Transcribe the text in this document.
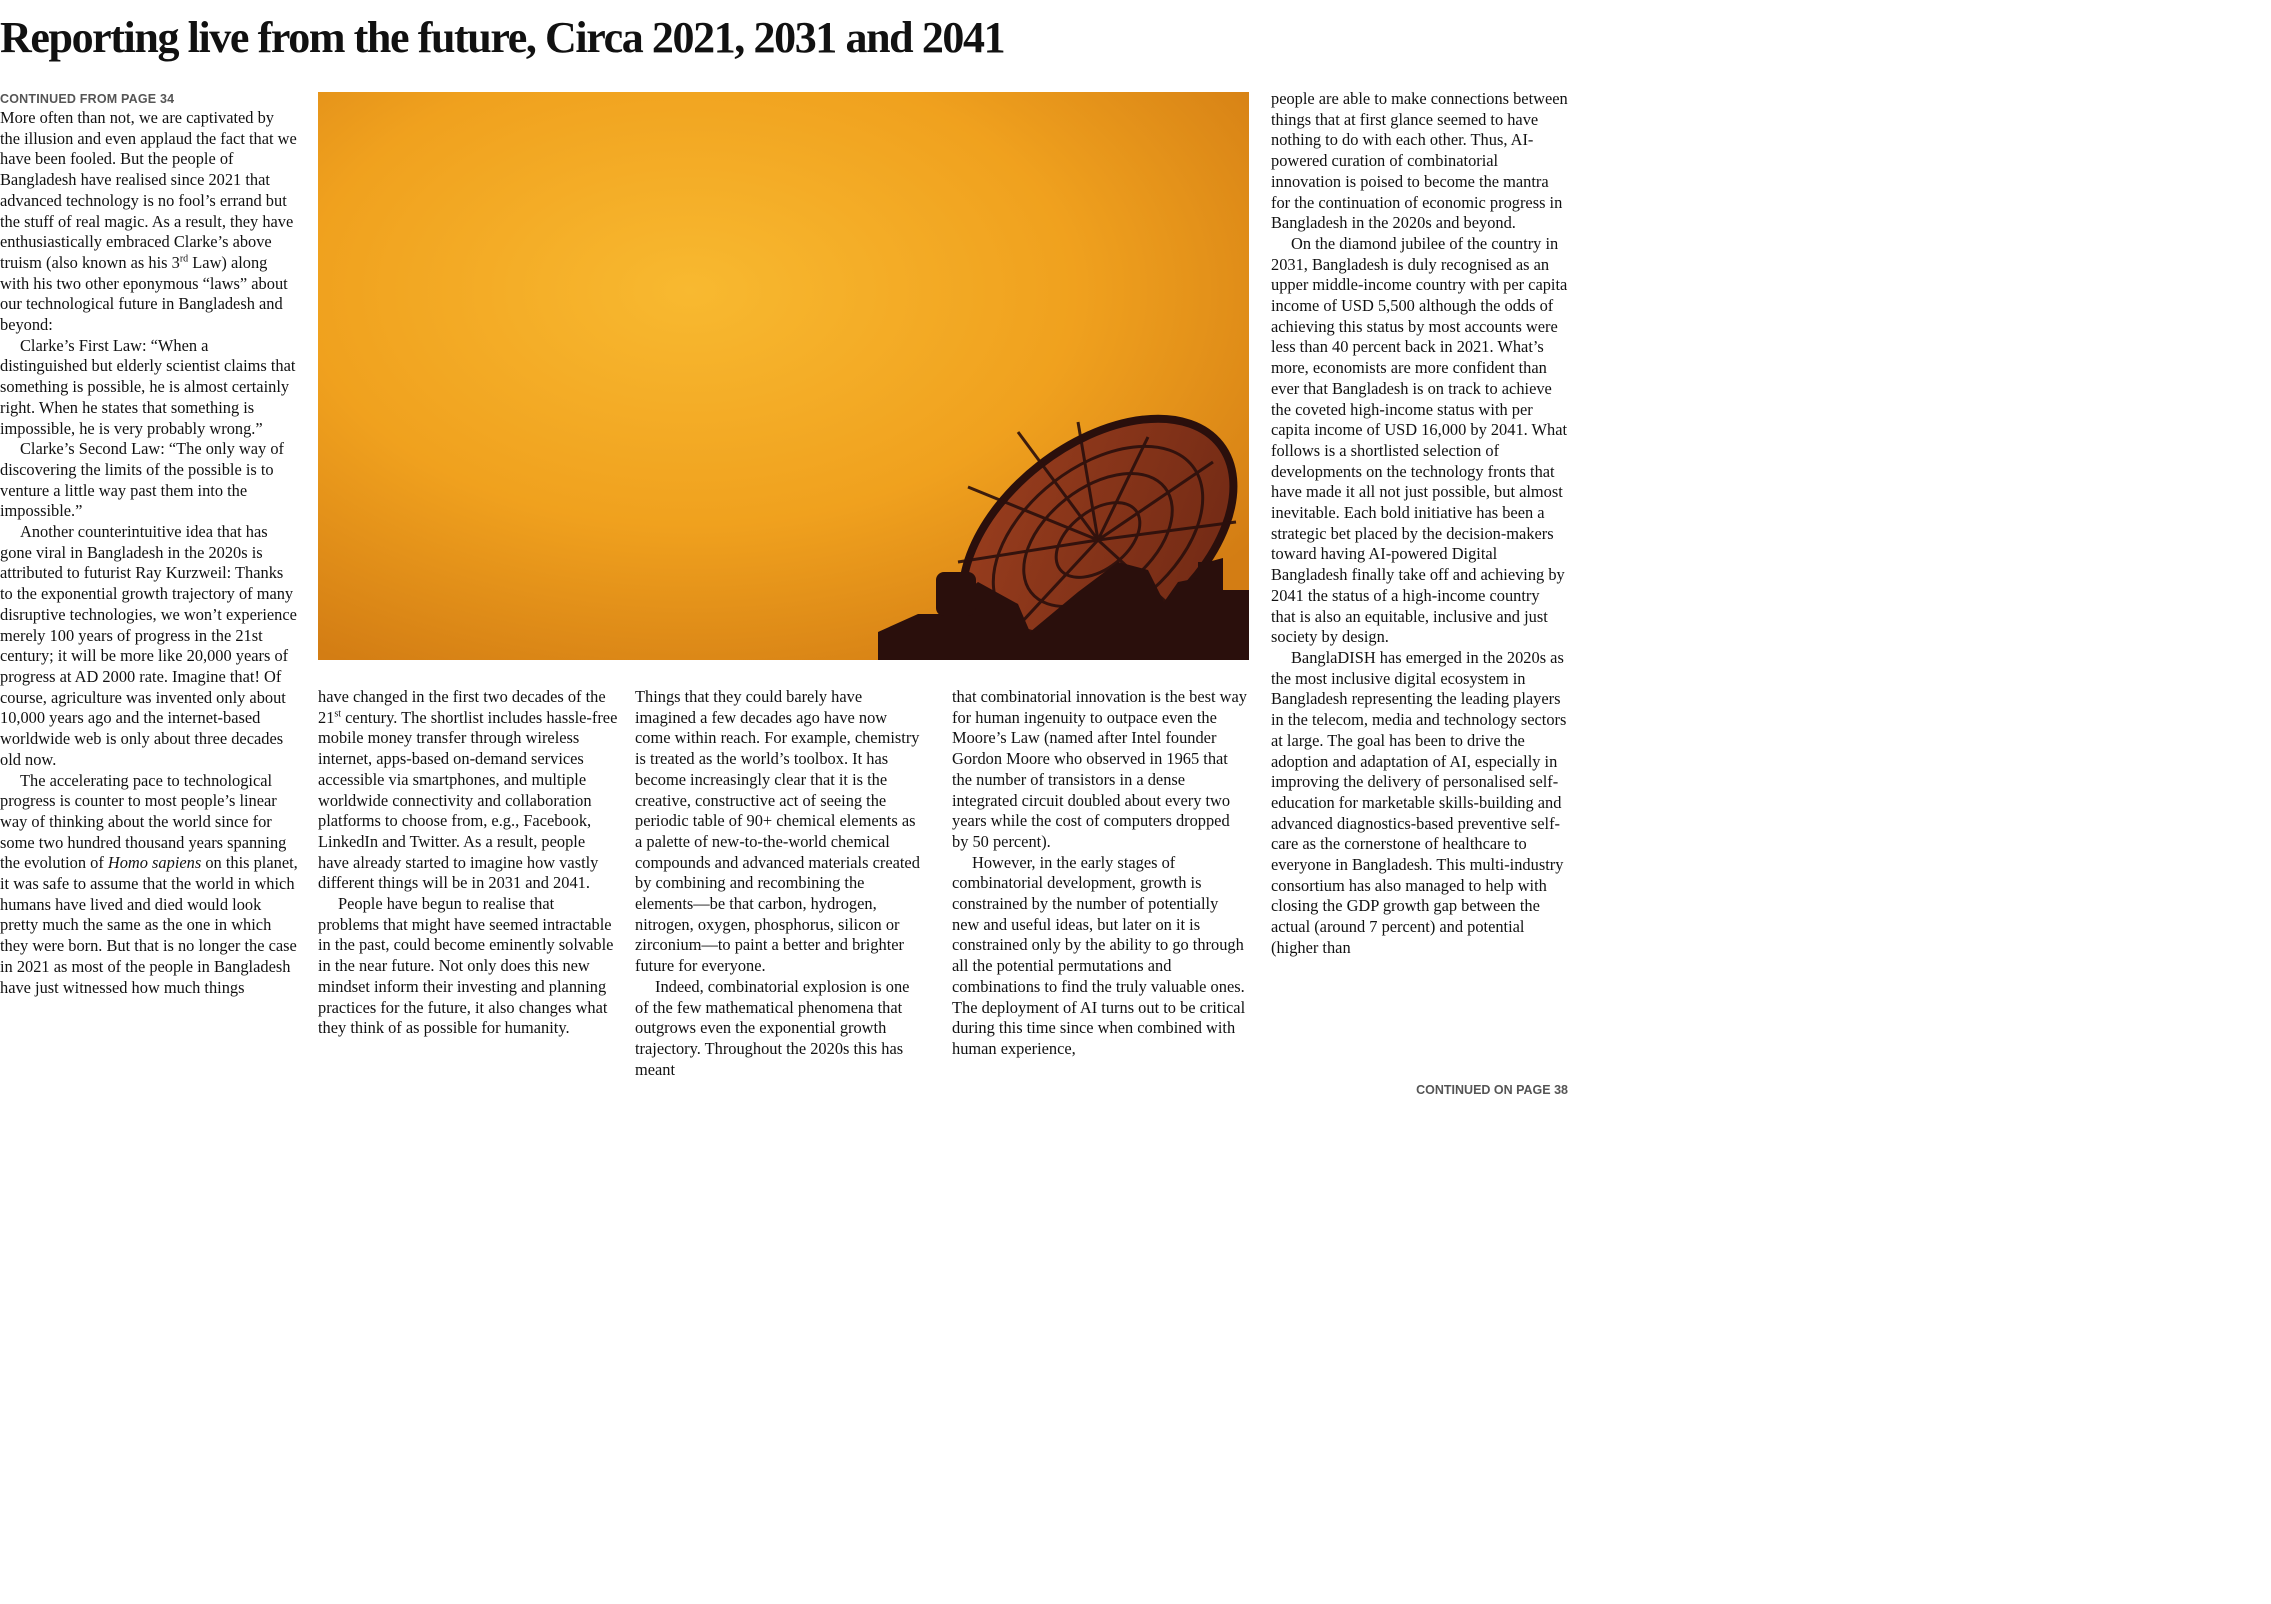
Reporting live from the future, Circa 2021, 2031 and 2041
CONTINUED FROM PAGE 34

More often than not, we are captivated by the illusion and even applaud the fact that we have been fooled. But the people of Bangladesh have realised since 2021 that advanced technology is no fool’s errand but the stuff of real magic. As a result, they have enthusiastically embraced Clarke’s above truism (also known as his 3rd Law) along with his two other eponymous “laws” about our technological future in Bangladesh and beyond:

Clarke’s First Law: “When a distinguished but elderly scientist claims that something is possible, he is almost certainly right. When he states that something is impossible, he is very probably wrong.”

Clarke’s Second Law: “The only way of discovering the limits of the possible is to venture a little way past them into the impossible.”

Another counterintuitive idea that has gone viral in Bangladesh in the 2020s is attributed to futurist Ray Kurzweil: Thanks to the exponential growth trajectory of many disruptive technologies, we won’t experience merely 100 years of progress in the 21st century; it will be more like 20,000 years of progress at AD 2000 rate. Imagine that! Of course, agriculture was invented only about 10,000 years ago and the internet-based worldwide web is only about three decades old now.

The accelerating pace to technological progress is counter to most people’s linear way of thinking about the world since for some two hundred thousand years spanning the evolution of Homo sapiens on this planet, it was safe to assume that the world in which humans have lived and died would look pretty much the same as the one in which they were born. But that is no longer the case in 2021 as most of the people in Bangladesh have just witnessed how much things

have changed in the first two decades of the 21st century. The shortlist includes hassle-free mobile money transfer through wireless internet, apps-based on-demand services accessible via smartphones, and multiple worldwide connectivity and collaboration platforms to choose from, e.g., Facebook, LinkedIn and Twitter. As a result, people have already started to imagine how vastly different things will be in 2031 and 2041.

People have begun to realise that problems that might have seemed intractable in the past, could become eminently solvable in the near future. Not only does this new mindset inform their investing and planning practices for the future, it also changes what they think of as possible for humanity.

Things that they could barely have imagined a few decades ago have now come within reach. For example, chemistry is treated as the world’s toolbox. It has become increasingly clear that it is the creative, constructive act of seeing the periodic table of 90+ chemical elements as a palette of new-to-the-world chemical compounds and advanced materials created by combining and recombining the elements—be that carbon, hydrogen, nitrogen, oxygen, phosphorus, silicon or zirconium—to paint a better and brighter future for everyone.

Indeed, combinatorial explosion is one of the few mathematical phenomena that outgrows even the exponential growth trajectory. Throughout the 2020s this has meant

that combinatorial innovation is the best way for human ingenuity to outpace even the Moore’s Law (named after Intel founder Gordon Moore who observed in 1965 that the number of transistors in a dense integrated circuit doubled about every two years while the cost of computers dropped by 50 percent).

However, in the early stages of combinatorial development, growth is constrained by the number of potentially new and useful ideas, but later on it is constrained only by the ability to go through all the potential permutations and combinations to find the truly valuable ones. The deployment of AI turns out to be critical during this time since when combined with human experience,

people are able to make connections between things that at first glance seemed to have nothing to do with each other. Thus, AI-powered curation of combinatorial innovation is poised to become the mantra for the continuation of economic progress in Bangladesh in the 2020s and beyond.

On the diamond jubilee of the country in 2031, Bangladesh is duly recognised as an upper middle-income country with per capita income of USD 5,500 although the odds of achieving this status by most accounts were less than 40 percent back in 2021. What’s more, economists are more confident than ever that Bangladesh is on track to achieve the coveted high-income status with per capita income of USD 16,000 by 2041. What follows is a shortlisted selection of developments on the technology fronts that have made it all not just possible, but almost inevitable. Each bold initiative has been a strategic bet placed by the decision-makers toward having AI-powered Digital Bangladesh finally take off and achieving by 2041 the status of a high-income country that is also an equitable, inclusive and just society by design.

BanglaDISH has emerged in the 2020s as the most inclusive digital ecosystem in Bangladesh representing the leading players in the telecom, media and technology sectors at large. The goal has been to drive the adoption and adaptation of AI, especially in improving the delivery of personalised self-education for marketable skills-building and advanced diagnostics-based preventive self-care as the cornerstone of healthcare to everyone in Bangladesh. This multi-industry consortium has also managed to help with closing the GDP growth gap between the actual (around 7 percent) and potential (higher than

CONTINUED ON PAGE 38
